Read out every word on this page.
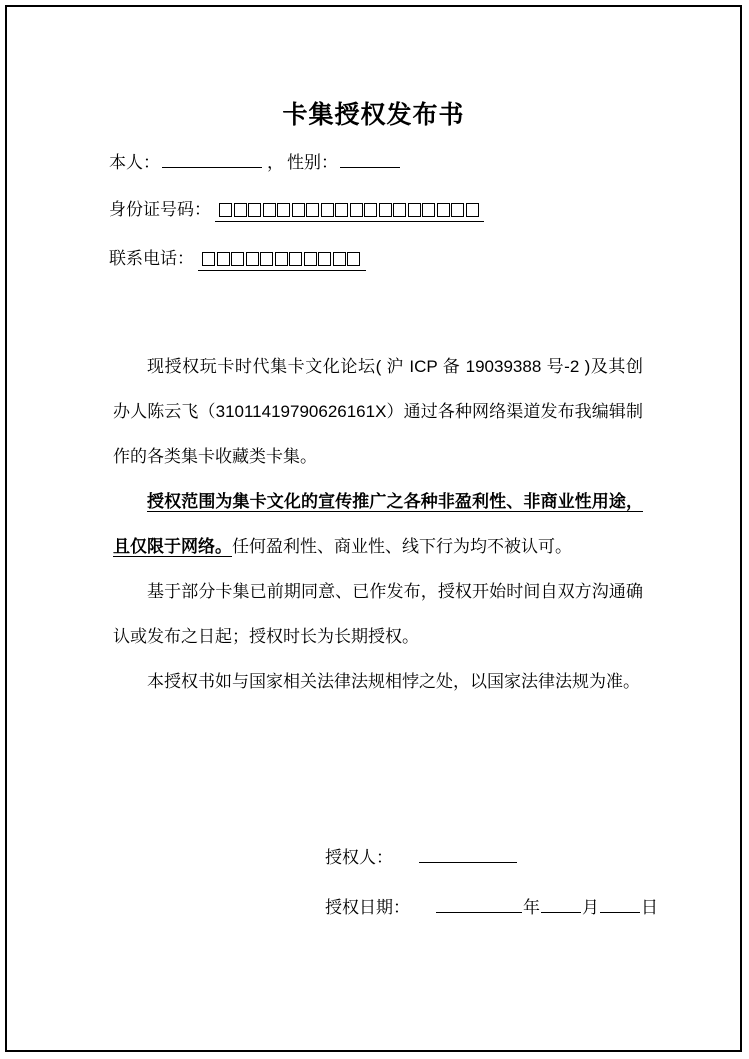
卡集授权发布书
本人：	， 性别：
身份证号码：
联系电话：

现授权玩卡时代集卡文化论坛( 沪 ICP 备 19039388 号-2 )及其创办人陈云飞（31011419790626161X）通过各种网络渠道发布我编辑制作的各类集卡收藏类卡集。

授权范围为集卡文化的宣传推广之各种非盈利性、非商业性用途，且仅限于网络。任何盈利性、商业性、线下行为均不被认可。

基于部分卡集已前期同意、已作发布，授权开始时间自双方沟通确认或发布之日起；授权时长为长期授权。

本授权书如与国家相关法律法规相悖之处，以国家法律法规为准。

授权人：
授权日期：	年 月 日
